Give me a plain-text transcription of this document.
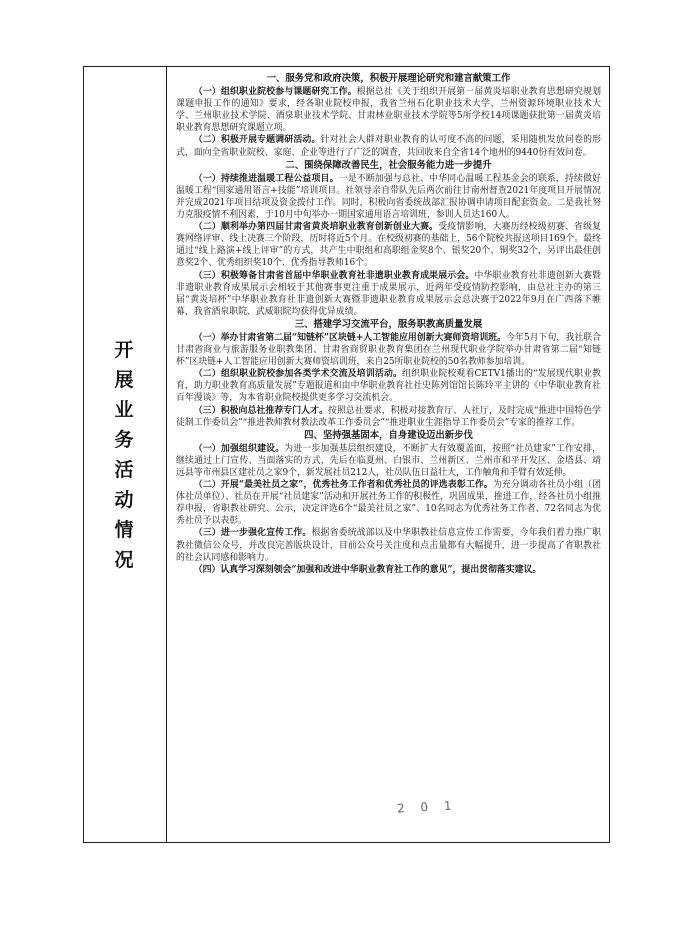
开
展
业
务
活
动
情
况
一、服务党和政府决策，积极开展理论研究和建言献策工作

（一）组织职业院校参与课题研究工作。根据总社《关于组织开展第一届黄炎培职业教育思想研究规划课题申报工作的通知》要求，经各职业院校申报，我省兰州石化职业技术大学、兰州资源环境职业技术大学、兰州职业技术学院、酒泉职业技术学院、甘肃林业职业技术学院等5所学校14项课题获批第一届黄炎培职业教育思想研究课题立项。

（二）积极开展专题调研活动。针对社会人群对职业教育的认可度不高的问题，采用随机发放问卷的形式，面向全省职业院校、家庭、企业等进行了广泛的调查，共回收来自全省14个地州的9440份有效问卷。

二、围绕保障改善民生，社会服务能力进一步提升

（一）持续推进温暖工程公益项目。一是不断加强与总社、中华同心温暖工程基金会的联系，持续做好温暖工程“国家通用语言+技能”培训项目。社领导亲自带队先后两次前往甘南州督查2021年度项目开展情况并完成2021年项目结项及资金拨付工作。同时，积极向省委统战部汇报协调申请项目配套资金。二是我社努力克服疫情不利因素，于10月中旬举办一期国家通用语言培训班，参训人员达160人。

（二）顺利举办第四届甘肃省黄炎培职业教育创新创业大赛。受疫情影响，大赛历经校级初赛、省级复赛网络评审、线上决赛三个阶段，历时将近5个月。在校级初赛的基础上，56个院校共报送项目169个。最终通过“线上路演+线上评审”的方式，共产生中职组和高职组金奖8个、银奖20个、铜奖32个，另评出最佳创意奖2个、优秀组织奖10个、优秀指导教师16个。

（三）积极筹备甘肃省首届中华职业教育社非遗职业教育成果展示会。中华职业教育社非遗创新大赛暨非遗职业教育成果展示会相较于其他赛事更注重于成果展示，近两年受疫情防控影响，由总社主办的第三届“黄炎培杯”中华职业教育社非遗创新大赛暨非遗职业教育成果展示会总决赛于2022年9月在广西落下帷幕，我省酒泉职院、武威职院均获得优异成绩。

三、搭建学习交流平台，服务职教高质量发展

（一）举办甘肃省第二届“知链杯”区块链+人工智能应用创新大赛师资培训班。今年5月下旬，我社联合甘肃省商业与旅游服务业职教集团、甘肃省商贸职业教育集团在兰州现代职业学院举办甘肃省第二届“知链杯”区块链+人工智能应用创新大赛师资培训班，来自25所职业院校的50名教师参加培训。

（二）组织职业院校参加各类学术交流及培训活动。组织职业院校观看CETV1播出的“发展现代职业教育，助力职业教育高质量发展”专题报道和由中华职业教育社社史陈列馆馆长陈玲平主讲的《中华职业教育社百年漫谈》等，为本省职业院校提供更多学习交流机会。

（三）积极向总社推荐专门人才。按照总社要求，积极对接教育厅、人社厅，及时完成“推进中国特色学徒制工作委员会”“推进教师教材教法改革工作委员会”“推进职业生涯指导工作委员会”专家的推荐工作。

四、坚持强基固本，自身建设迈出新步伐

（一）加强组织建设。为进一步加强基层组织建设，不断扩大有效覆盖面，按照“社员建家”工作安排，继续通过上门宣传、当面落实的方式，先后在临夏州、白银市、兰州新区、兰州市和平开发区、金塔县、靖远县等市州县区建社员之家9个，新发展社员212人，社员队伍日益壮大，工作触角和手臂有效延伸。

（二）开展“最美社员之家”，优秀社务工作者和优秀社员的评选表彰工作。为充分调动各社员小组（团体社员单位）、社员在开展“社员建家”活动和开展社务工作的积极性，巩固成果，推进工作，经各社员小组推荐申报，省职教社研究、公示，决定评选6个“最美社员之家”、10名同志为优秀社务工作者、72名同志为优秀社员予以表彰。

（三）进一步强化宣传工作。根据省委统战部以及中华职教社信息宣传工作需要，今年我们着力推广职教社微信公众号，并改良完善版块设计，目前公众号关注度和点击量都有大幅提升，进一步提高了省职教社的社会认同感和影响力。

（四）认真学习深刻领会“加强和改进中华职业教育社工作的意见”，提出贯彻落实建议。

2 0 1
